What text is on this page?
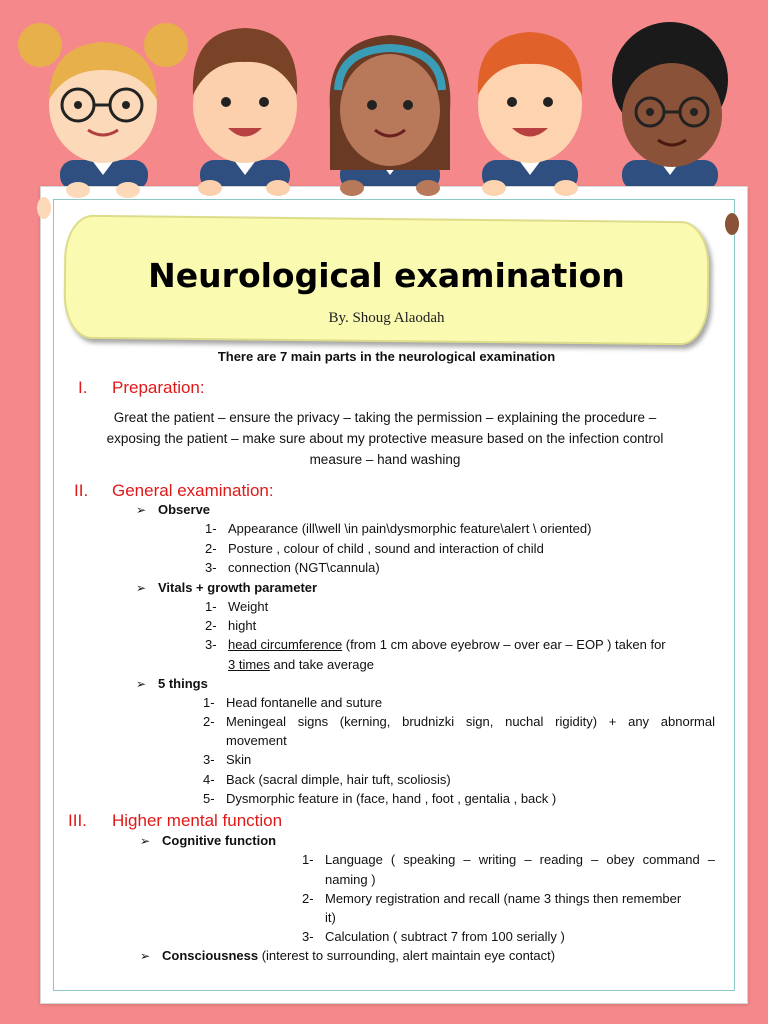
Neurological examination
By. Shoug Alaodah
There are 7 main parts in the neurological examination
I. Preparation:
Great the patient – ensure the privacy – taking the permission – explaining the procedure –
exposing the patient – make sure about my protective measure based on the infection control
measure – hand washing
II. General examination:
➢ Observe
1- Appearance (ill\well \in pain\dysmorphic feature\alert \ oriented)
2- Posture , colour of child , sound and interaction of child
3- connection (NGT\cannula)
➢ Vitals + growth parameter
1- Weight
2- hight
3- head circumference (from 1 cm above eyebrow – over ear – EOP ) taken for
3 times and take average
➢ 5 things
1- Head fontanelle and suture
2- Meningeal signs (kerning, brudnizki sign, nuchal rigidity) + any abnormal
movement
3- Skin
4- Back (sacral dimple, hair tuft, scoliosis)
5- Dysmorphic feature in (face, hand , foot , gentalia , back )
III. Higher mental function
➢ Cognitive function
1- Language ( speaking – writing – reading – obey command –
naming )
2- Memory registration and recall (name 3 things then remember
it)
3- Calculation ( subtract 7 from 100 serially )
➢ Consciousness (interest to surrounding, alert maintain eye contact)
